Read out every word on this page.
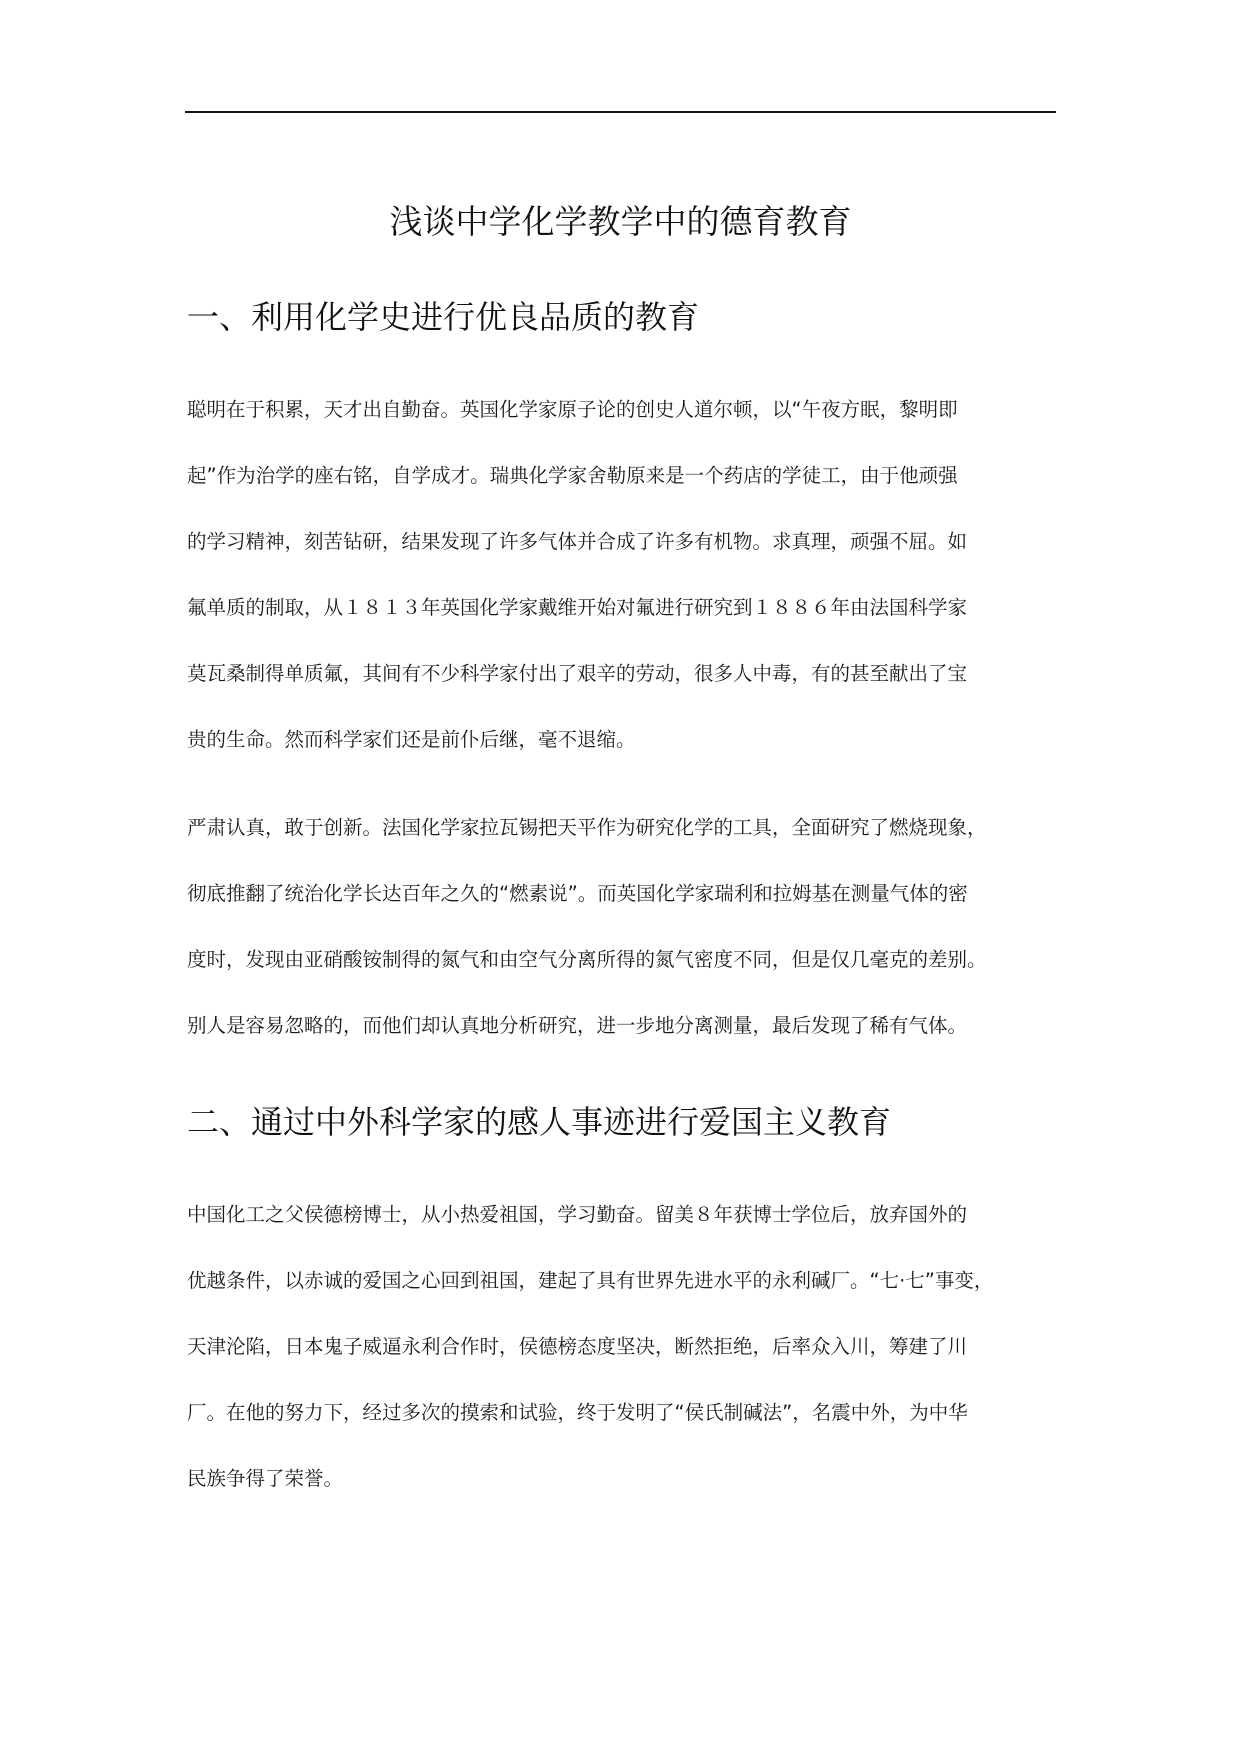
浅谈中学化学教学中的德育教育
一、利用化学史进行优良品质的教育
聪明在于积累，天才出自勤奋。英国化学家原子论的创史人道尔顿，以“午夜方眠，黎明即
起”作为治学的座右铭，自学成才。瑞典化学家舍勒原来是一个药店的学徒工，由于他顽强
的学习精神，刻苦钻研，结果发现了许多气体并合成了许多有机物。求真理，顽强不屈。如
氟单质的制取，从１８１３年英国化学家戴维开始对氟进行研究到１８８６年由法国科学家
莫瓦桑制得单质氟，其间有不少科学家付出了艰辛的劳动，很多人中毒，有的甚至献出了宝
贵的生命。然而科学家们还是前仆后继，毫不退缩。
严肃认真，敢于创新。法国化学家拉瓦锡把天平作为研究化学的工具，全面研究了燃烧现象，
彻底推翻了统治化学长达百年之久的“燃素说”。而英国化学家瑞利和拉姆基在测量气体的密
度时，发现由亚硝酸铵制得的氮气和由空气分离所得的氮气密度不同，但是仅几毫克的差别。
别人是容易忽略的，而他们却认真地分析研究，进一步地分离测量，最后发现了稀有气体。
二、通过中外科学家的感人事迹进行爱国主义教育
中国化工之父侯德榜博士，从小热爱祖国，学习勤奋。留美８年获博士学位后，放弃国外的
优越条件，以赤诚的爱国之心回到祖国，建起了具有世界先进水平的永利碱厂。“七·七”事变，
天津沦陷，日本鬼子威逼永利合作时，侯德榜态度坚决，断然拒绝，后率众入川，筹建了川
厂。在他的努力下，经过多次的摸索和试验，终于发明了“侯氏制碱法”，名震中外，为中华
民族争得了荣誉。
